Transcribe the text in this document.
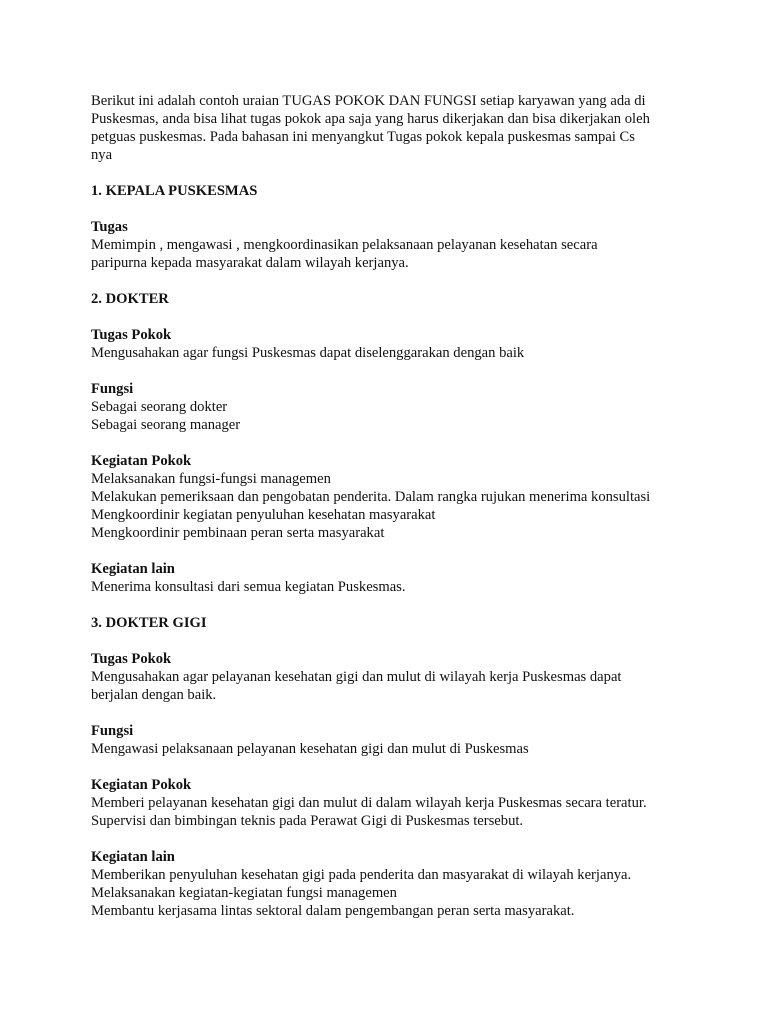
Berikut ini adalah contoh uraian TUGAS POKOK DAN FUNGSI setiap karyawan yang ada di
Puskesmas, anda bisa lihat tugas pokok apa saja yang harus dikerjakan dan bisa dikerjakan oleh
petguas puskesmas. Pada bahasan ini menyangkut Tugas pokok kepala puskesmas sampai Cs
nya
1. KEPALA PUSKESMAS
Tugas
Memimpin , mengawasi , mengkoordinasikan pelaksanaan pelayanan kesehatan secara
paripurna kepada masyarakat dalam wilayah kerjanya.
2. DOKTER
Tugas Pokok
Mengusahakan agar fungsi Puskesmas dapat diselenggarakan dengan baik
Fungsi
Sebagai seorang dokter
Sebagai seorang manager
Kegiatan Pokok
Melaksanakan fungsi-fungsi managemen
Melakukan pemeriksaan dan pengobatan penderita. Dalam rangka rujukan menerima konsultasi
Mengkoordinir kegiatan penyuluhan kesehatan masyarakat
Mengkoordinir pembinaan peran serta masyarakat
Kegiatan lain
Menerima konsultasi dari semua kegiatan Puskesmas.
3. DOKTER GIGI
Tugas Pokok
Mengusahakan agar pelayanan kesehatan gigi dan mulut di wilayah kerja Puskesmas dapat
berjalan dengan baik.
Fungsi
Mengawasi pelaksanaan pelayanan kesehatan gigi dan mulut di Puskesmas
Kegiatan Pokok
Memberi pelayanan kesehatan gigi dan mulut di dalam wilayah kerja Puskesmas secara teratur.
Supervisi dan bimbingan teknis pada Perawat Gigi di Puskesmas tersebut.
Kegiatan lain
Memberikan penyuluhan kesehatan gigi pada penderita dan masyarakat di wilayah kerjanya.
Melaksanakan kegiatan-kegiatan fungsi managemen
Membantu kerjasama lintas sektoral dalam pengembangan peran serta masyarakat.
